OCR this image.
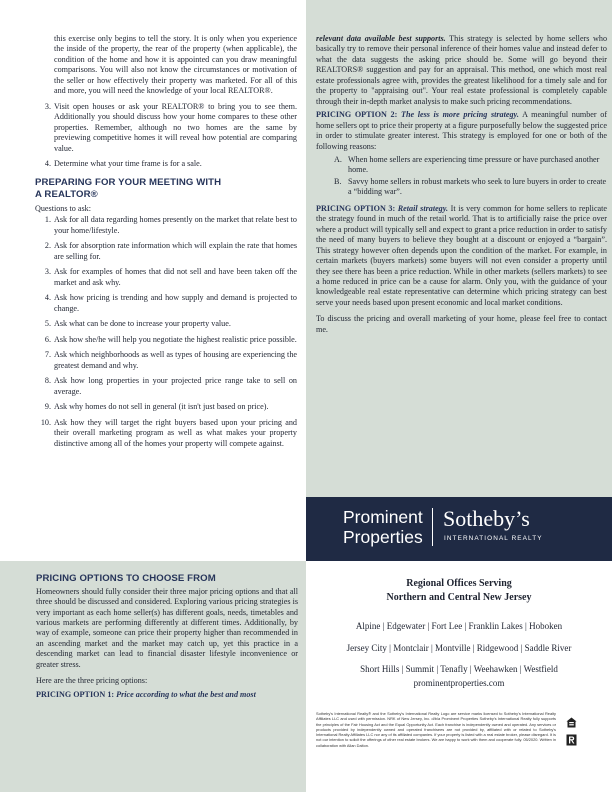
this exercise only begins to tell the story. It is only when you experience the inside of the property, the rear of the property (when applicable), the condition of the home and how it is appointed can you draw meaningful comparisons. You will also not know the circumstances or motivation of the seller or how effectively their property was marketed. For all of this and more, you will need the knowledge of your local REALTOR®.
3. Visit open houses or ask your REALTOR® to bring you to see them. Additionally you should discuss how your home compares to these other properties. Remember, although no two homes are the same by previewing competitive homes it will reveal how potential are comparing value.
4. Determine what your time frame is for a sale.
PREPARING FOR YOUR MEETING WITH
A REALTOR®
Questions to ask:
1. Ask for all data regarding homes presently on the market that relate best to your home/lifestyle.
2. Ask for absorption rate information which will explain the rate that homes are selling for.
3. Ask for examples of homes that did not sell and have been taken off the market and ask why.
4. Ask how pricing is trending and how supply and demand is projected to change.
5. Ask what can be done to increase your property value.
6. Ask how she/he will help you negotiate the highest realistic price possible.
7. Ask which neighborhoods as well as types of housing are experiencing the greatest demand and why.
8. Ask how long properties in your projected price range take to sell on average.
9. Ask why homes do not sell in general (it isn't just based on price).
10. Ask how they will target the right buyers based upon your pricing and their overall marketing program as well as what makes your property distinctive among all of the homes your property will compete against.

relevant data available best supports. This strategy is selected by home sellers who basically try to remove their personal inference of their homes value and instead defer to what the data suggests the asking price should be. Some will go beyond their REALTORS® suggestion and pay for an appraisal. This method, one which most real estate professionals agree with, provides the greatest likelihood for a timely sale and for the property to "appraising out". Your real estate professional is completely capable through their in-depth market analysis to make such pricing recommendations.

PRICING OPTION 2: The less is more pricing strategy. A meaningful number of home sellers opt to price their property at a figure purposefully below the suggested price in order to stimulate greater interest. This strategy is employed for one or both of the following reasons:

A. When home sellers are experiencing time pressure or have purchased another home.
B. Savvy home sellers in robust markets who seek to lure buyers in order to create a “bidding war”.

PRICING OPTION 3: Retail strategy. It is very common for home sellers to replicate the strategy found in much of the retail world. That is to artificially raise the price over where a product will typically sell and expect to grant a price reduction in order to satisfy the need of many buyers to believe they bought at a discount or enjoyed a “bargain”. This strategy however often depends upon the condition of the market. For example, in certain markets (buyers markets) some buyers will not even consider a property until they see there has been a price reduction. While in other markets (sellers markets) to see a home reduced in price can be a cause for alarm. Only you, with the guidance of your knowledgeable real estate representative can determine which pricing strategy can best serve your needs based upon present economic and local market conditions.

To discuss the pricing and overall marketing of your home, please feel free to contact me.

Prominent
Properties
Sotheby’s
INTERNATIONAL REALTY
PRICING OPTIONS TO CHOOSE FROM
Homeowners should fully consider their three major pricing options and that all three should be discussed and considered. Exploring various pricing strategies is very important as each home seller(s) has different goals, needs, timetables and various markets are performing differently at different times. Additionally, by way of example, someone can price their property higher than recommended in an ascending market and the market may catch up, yet this practice in a descending market can lead to financial disaster lifestyle inconvenience or greater stress.

Here are the three pricing options:

PRICING OPTION 1: Price according to what the best and most

Regional Offices Serving
Northern and Central New Jersey
Alpine | Edgewater | Fort Lee | Franklin Lakes | Hoboken
Jersey City | Montclair | Montville | Ridgewood | Saddle River
Short Hills | Summit | Tenafly | Weehawken | Westfield
prominentproperties.com
Sotheby's International Realty® and the Sotheby's International Realty Logo are service marks licensed to Sotheby's International Realty Affiliates LLC and used with permission. NRK of New Jersey, Inc. d/b/a Prominent Properties Sotheby's International Realty fully supports the principles of the Fair Housing Act and the Equal Opportunity Act. Each franchise is independently owned and operated. Any services or products provided by independently owned and operated franchisees are not provided by, affiliated with or related to Sotheby's International Realty Affiliates LLC nor any of its affiliated companies. If your property is listed with a real estate broker, please disregard. It is not our intention to solicit the offerings of other real estate brokers. We are happy to work with them and cooperate fully. 05/2020. Written in collaboration with Allan Dalton.
